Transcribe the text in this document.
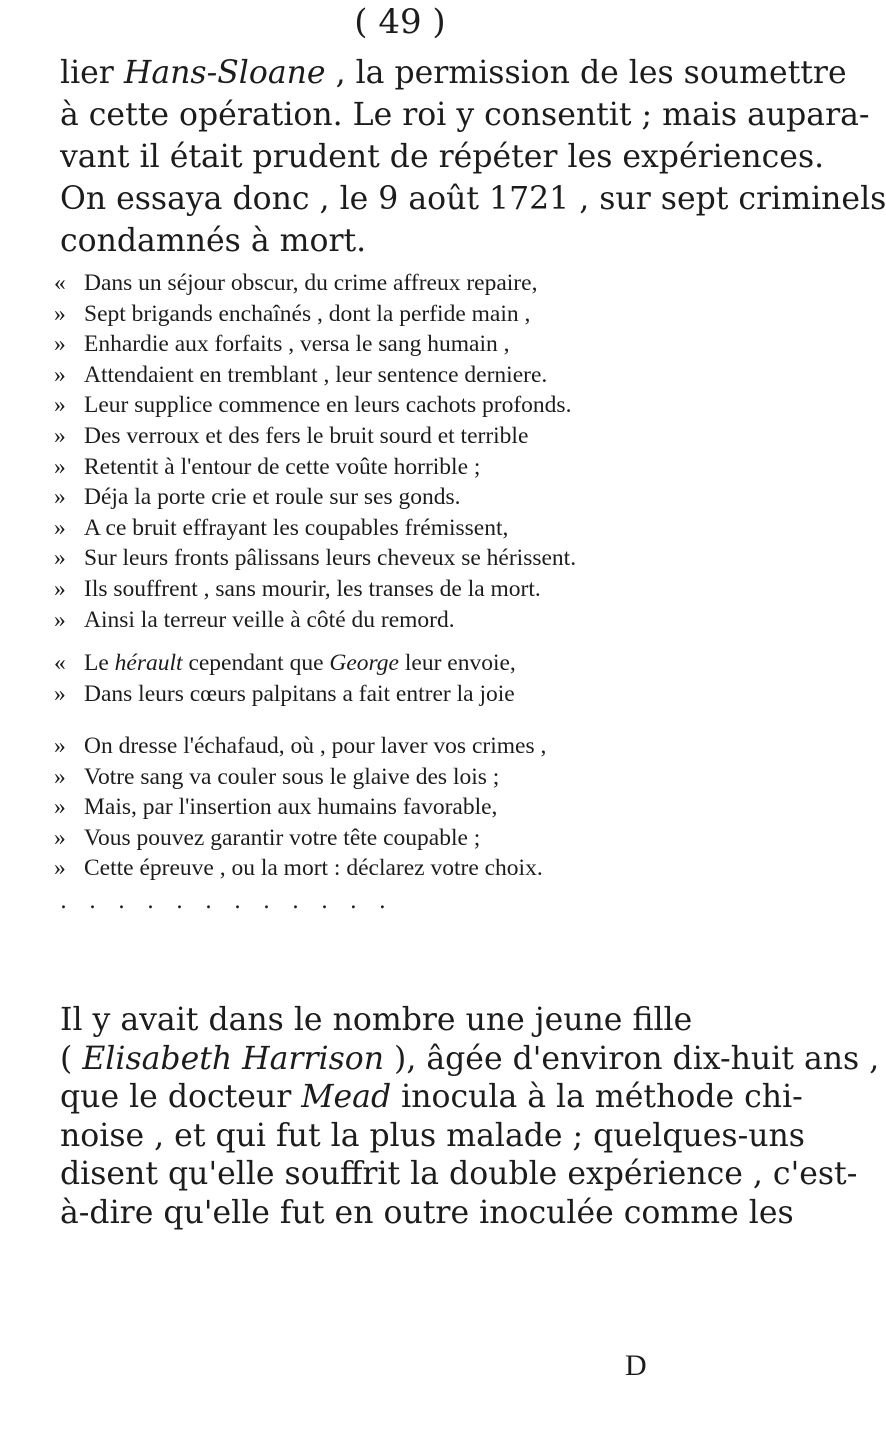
( 49 )
lier Hans-Sloane , la permission de les soumettre
à cette opération. Le roi y consentit ; mais aupara-
vant il était prudent de répéter les expériences.
On essaya donc , le 9 août 1721 , sur sept criminels
condamnés à mort.
« Dans un séjour obscur, du crime affreux repaire,
» Sept brigands enchaînés , dont la perfide main ,
» Enhardie aux forfaits , versa le sang humain ,
» Attendaient en tremblant , leur sentence derniere.
» Leur supplice commence en leurs cachots profonds.
» Des verroux et des fers le bruit sourd et terrible
» Retentit à l'entour de cette voûte horrible ;
» Déja la porte crie et roule sur ses gonds.
» A ce bruit effrayant les coupables frémissent,
» Sur leurs fronts pâlissans leurs cheveux se hérissent.
» Ils souffrent , sans mourir, les transes de la mort.
» Ainsi la terreur veille à côté du remord.
« Le hérault cependant que George leur envoie,
» Dans leurs cœurs palpitans a fait entrer la joie
............
» On dresse l'échafaud, où , pour laver vos crimes ,
» Votre sang va couler sous le glaive des lois ;
» Mais, par l'insertion aux humains favorable,
» Vous pouvez garantir votre tête coupable ;
» Cette épreuve , ou la mort : déclarez votre choix.
Il y avait dans le nombre une jeune fille
( Elisabeth Harrison ), âgée d'environ dix-huit ans ,
que le docteur Mead inocula à la méthode chi-
noise , et qui fut la plus malade ; quelques-uns
disent qu'elle souffrit la double expérience , c'est-
à-dire qu'elle fut en outre inoculée comme les
D
